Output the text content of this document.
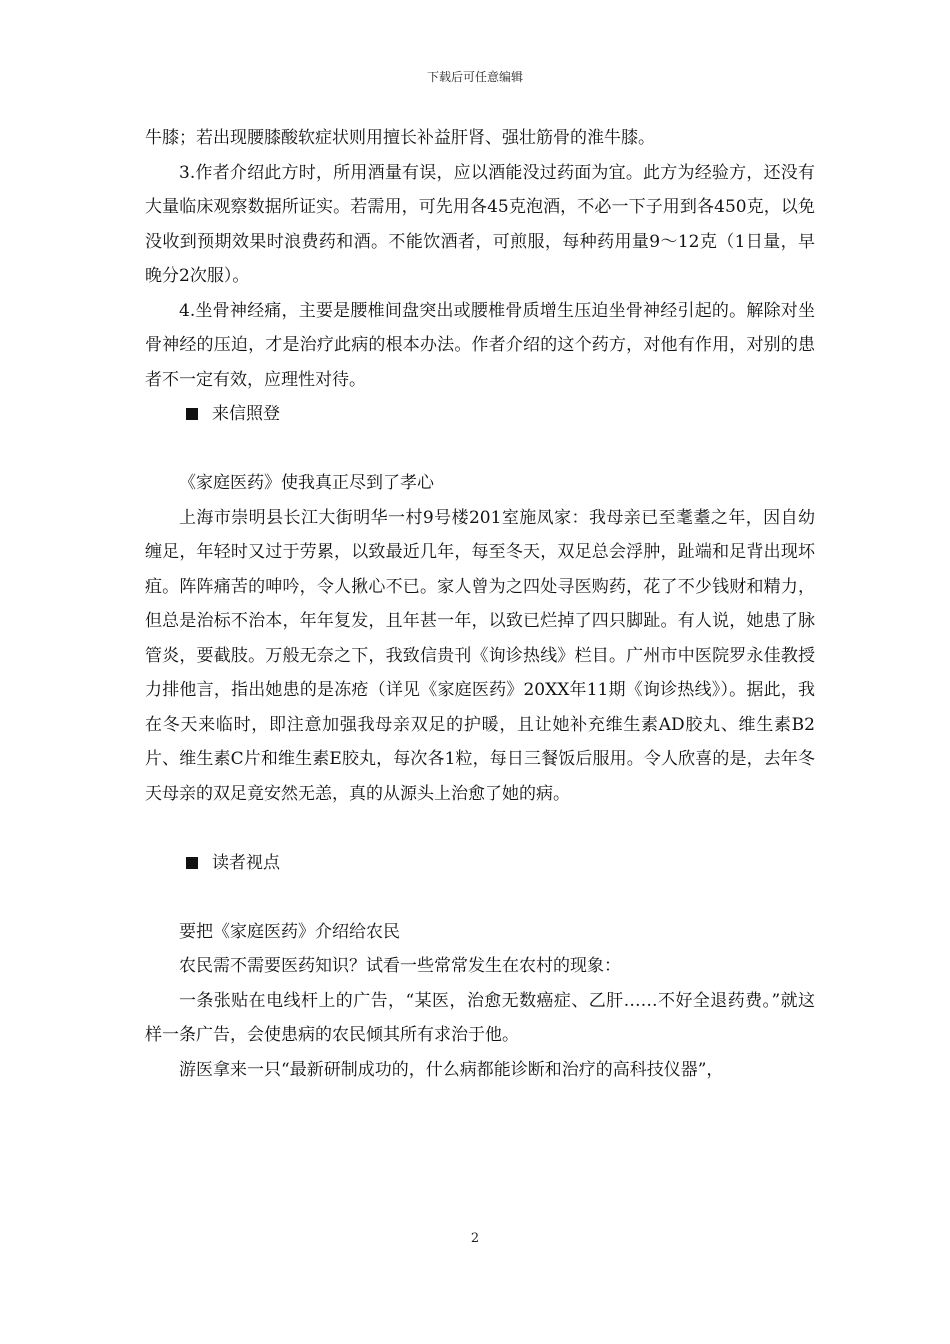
下载后可任意编辑

牛膝；若出现腰膝酸软症状则用擅长补益肝肾、强壮筋骨的淮牛膝。

3.作者介绍此方时，所用酒量有误，应以酒能没过药面为宜。此方为经验方，还没有大量临床观察数据所证实。若需用，可先用各45克泡酒，不必一下子用到各450克，以免没收到预期效果时浪费药和酒。不能饮酒者，可煎服，每种药用量9～12克（1日量，早晚分2次服）。

4.坐骨神经痛，主要是腰椎间盘突出或腰椎骨质增生压迫坐骨神经引起的。解除对坐骨神经的压迫，才是治疗此病的根本办法。作者介绍的这个药方，对他有作用，对别的患者不一定有效，应理性对待。

来信照登

《家庭医药》使我真正尽到了孝心

上海市崇明县长江大街明华一村9号楼201室施凤家：我母亲已至耄耋之年，因自幼缠足，年轻时又过于劳累，以致最近几年，每至冬天，双足总会浮肿，趾端和足背出现坏疽。阵阵痛苦的呻吟，令人揪心不已。家人曾为之四处寻医购药，花了不少钱财和精力，但总是治标不治本，年年复发，且年甚一年，以致已烂掉了四只脚趾。有人说，她患了脉管炎，要截肢。万般无奈之下，我致信贵刊《询诊热线》栏目。广州市中医院罗永佳教授力排他言，指出她患的是冻疮（详见《家庭医药》20XX年11期《询诊热线》）。据此，我在冬天来临时，即注意加强我母亲双足的护暖，且让她补充维生素AD胶丸、维生素B2片、维生素C片和维生素E胶丸，每次各1粒，每日三餐饭后服用。令人欣喜的是，去年冬天母亲的双足竟安然无恙，真的从源头上治愈了她的病。

读者视点

要把《家庭医药》介绍给农民

农民需不需要医药知识？试看一些常常发生在农村的现象：

一条张贴在电线杆上的广告，“某医，治愈无数癌症、乙肝……不好全退药费。”就这样一条广告，会使患病的农民倾其所有求治于他。

游医拿来一只“最新研制成功的，什么病都能诊断和治疗的高科技仪器”，

2
